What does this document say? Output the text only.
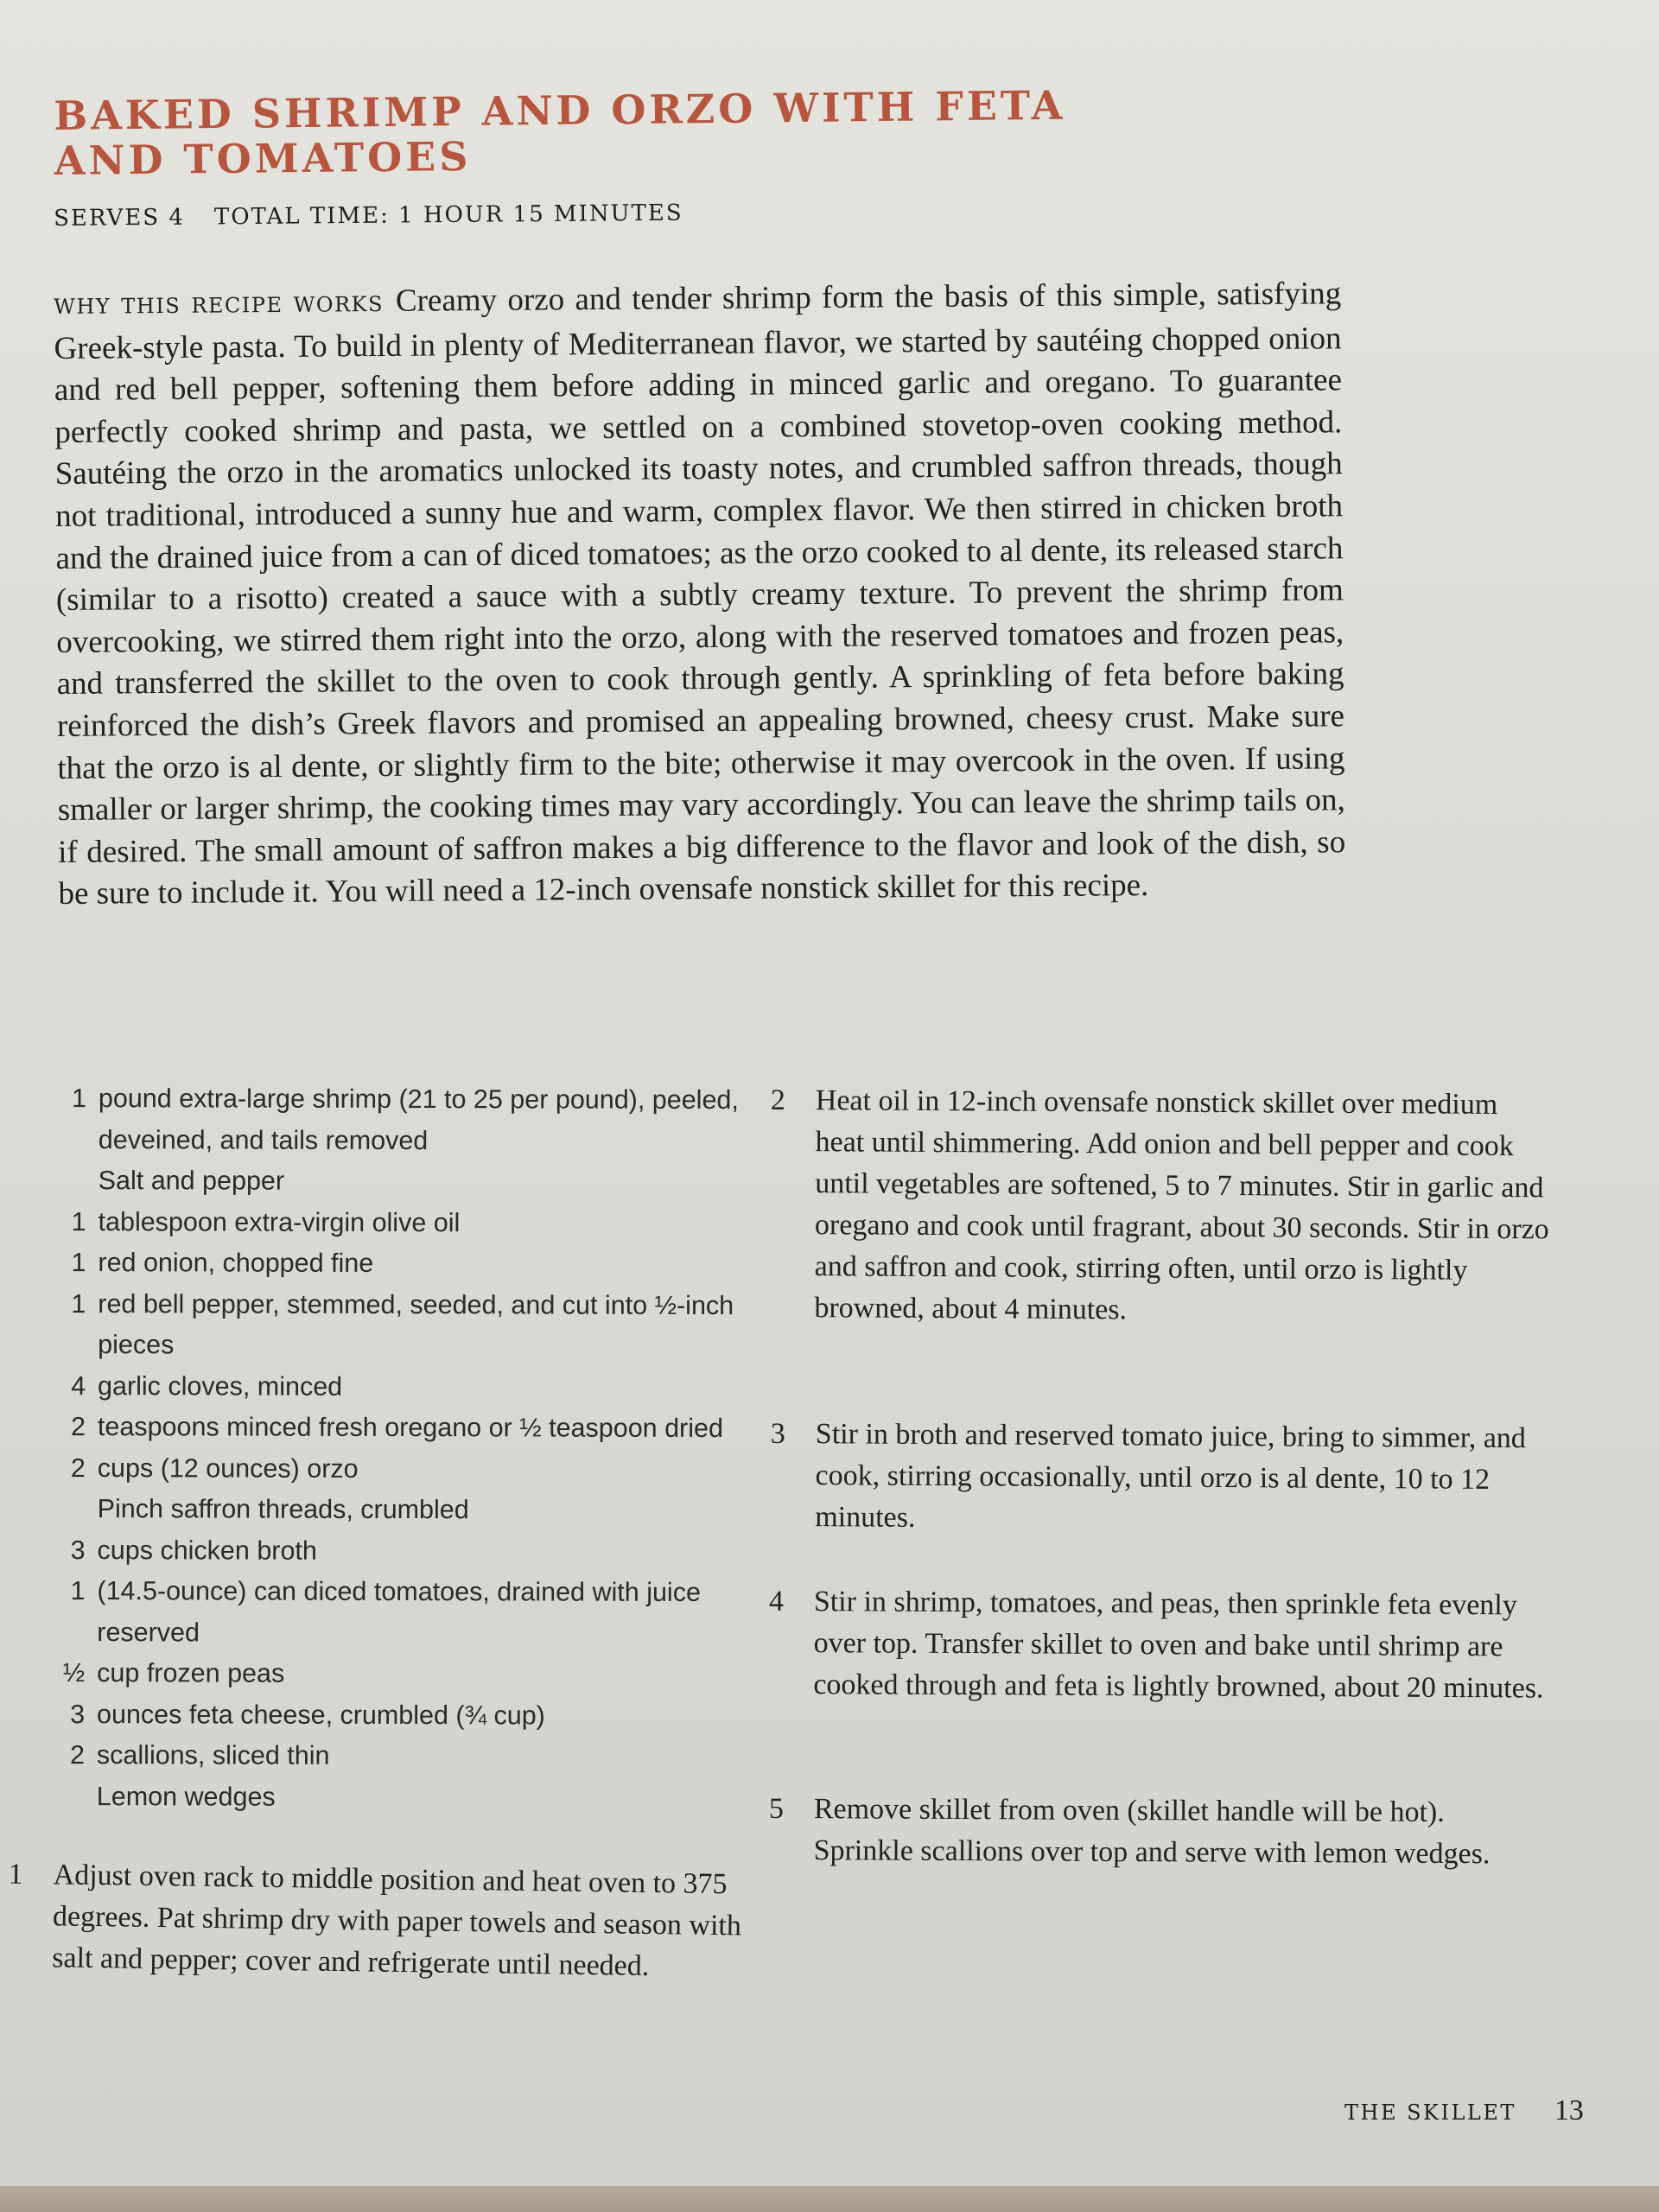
BAKED SHRIMP AND ORZO WITH FETA AND TOMATOES
SERVES 4 TOTAL TIME: 1 HOUR 15 MINUTES

WHY THIS RECIPE WORKS Creamy orzo and tender shrimp form the basis of this simple, satisfying Greek-style pasta. To build in plenty of Mediterranean flavor, we started by sautéing chopped onion and red bell pepper, softening them before adding in minced garlic and oregano. To guarantee perfectly cooked shrimp and pasta, we settled on a combined stovetop-oven cooking method. Sautéing the orzo in the aromatics unlocked its toasty notes, and crumbled saffron threads, though not traditional, introduced a sunny hue and warm, complex flavor. We then stirred in chicken broth and the drained juice from a can of diced tomatoes; as the orzo cooked to al dente, its released starch (similar to a risotto) created a sauce with a subtly creamy texture. To prevent the shrimp from overcooking, we stirred them right into the orzo, along with the reserved tomatoes and frozen peas, and transferred the skillet to the oven to cook through gently. A sprinkling of feta before baking reinforced the dish’s Greek flavors and promised an appealing browned, cheesy crust. Make sure that the orzo is al dente, or slightly firm to the bite; otherwise it may overcook in the oven. If using smaller or larger shrimp, the cooking times may vary accordingly. You can leave the shrimp tails on, if desired. The small amount of saffron makes a big difference to the flavor and look of the dish, so be sure to include it. You will need a 12-inch ovensafe nonstick skillet for this recipe.

1 pound extra-large shrimp (21 to 25 per pound), peeled, deveined, and tails removed
Salt and pepper
1 tablespoon extra-virgin olive oil
1 red onion, chopped fine
1 red bell pepper, stemmed, seeded, and cut into ½-inch pieces
4 garlic cloves, minced
2 teaspoons minced fresh oregano or ½ teaspoon dried
2 cups (12 ounces) orzo
Pinch saffron threads, crumbled
3 cups chicken broth
1 (14.5-ounce) can diced tomatoes, drained with juice reserved
½ cup frozen peas
3 ounces feta cheese, crumbled (¾ cup)
2 scallions, sliced thin
Lemon wedges

1 Adjust oven rack to middle position and heat oven to 375 degrees. Pat shrimp dry with paper towels and season with salt and pepper; cover and refrigerate until needed.

2 Heat oil in 12-inch ovensafe nonstick skillet over medium heat until shimmering. Add onion and bell pepper and cook until vegetables are softened, 5 to 7 minutes. Stir in garlic and oregano and cook until fragrant, about 30 seconds. Stir in orzo and saffron and cook, stirring often, until orzo is lightly browned, about 4 minutes.

3 Stir in broth and reserved tomato juice, bring to simmer, and cook, stirring occasionally, until orzo is al dente, 10 to 12 minutes.

4 Stir in shrimp, tomatoes, and peas, then sprinkle feta evenly over top. Transfer skillet to oven and bake until shrimp are cooked through and feta is lightly browned, about 20 minutes.

5 Remove skillet from oven (skillet handle will be hot). Sprinkle scallions over top and serve with lemon wedges.

THE SKILLET 13
